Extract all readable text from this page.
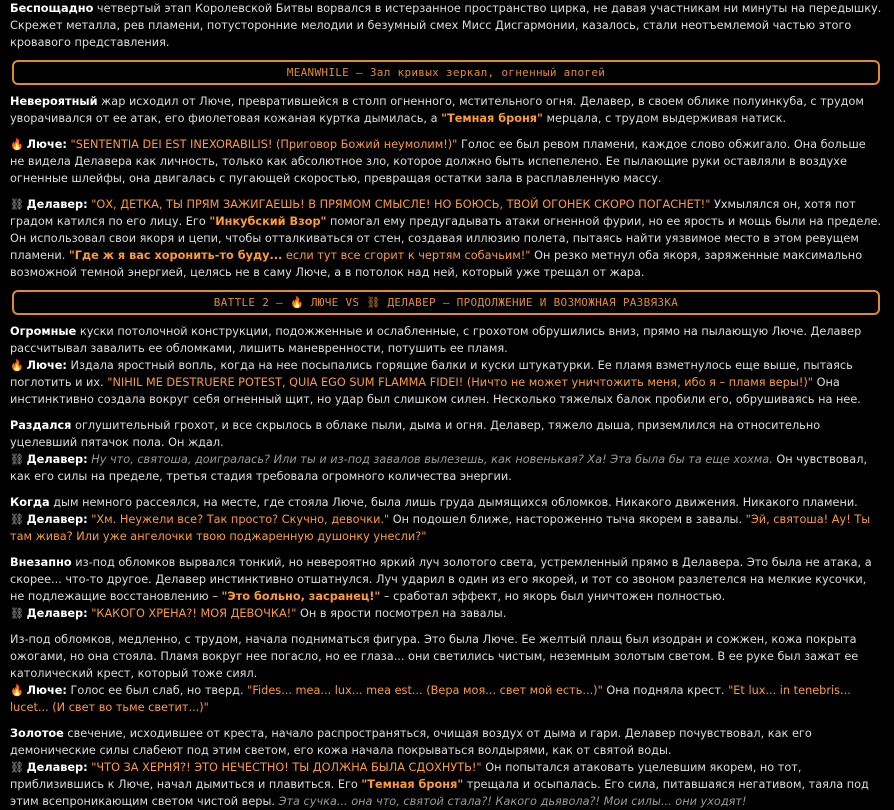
Беспощадно четвертый этап Королевской Битвы ворвался в истерзанное пространство цирка, не давая участникам ни минуты на передышку. Скрежет металла, рев пламени, потусторонние мелодии и безумный смех Мисс Дисгармонии, казалось, стали неотъемлемой частью этого кровавого представления.

MEANWHILE – Зал кривых зеркал, огненный апогей

Невероятный жар исходил от Люче, превратившейся в столп огненного, мстительного огня. Делавер, в своем облике полуинкуба, с трудом уворачивался от ее атак, его фиолетовая кожаная куртка дымилась, а "Темная броня" мерцала, с трудом выдерживая натиск.

🔥 Люче: "SENTENTIA DEI EST INEXORABILIS! (Приговор Божий неумолим!)" Голос ее был ревом пламени, каждое слово обжигало. Она больше не видела Делавера как личность, только как абсолютное зло, которое должно быть испепелено. Ее пылающие руки оставляли в воздухе огненные шлейфы, она двигалась с пугающей скоростью, превращая остатки зала в расплавленную массу.

⛓ Делавер: "ОХ, ДЕТКА, ТЫ ПРЯМ ЗАЖИГАЕШЬ! В ПРЯМОМ СМЫСЛЕ! НО БОЮСЬ, ТВОЙ ОГОНЕК СКОРО ПОГАСНЕТ!" Ухмылялся он, хотя пот градом катился по его лицу. Его "Инкубский Взор" помогал ему предугадывать атаки огненной фурии, но ее ярость и мощь были на пределе. Он использовал свои якоря и цепи, чтобы отталкиваться от стен, создавая иллюзию полета, пытаясь найти уязвимое место в этом ревущем пламени. "Где ж я вас хоронить-то буду... если тут все сгорит к чертям собачьим!" Он резко метнул оба якоря, заряженные максимально возможной темной энергией, целясь не в саму Люче, а в потолок над ней, который уже трещал от жара.

BATTLE 2 – 🔥 ЛЮЧЕ VS ⛓ ДЕЛАВЕР – ПРОДОЛЖЕНИЕ И ВОЗМОЖНАЯ РАЗВЯЗКА

Огромные куски потолочной конструкции, подожженные и ослабленные, с грохотом обрушились вниз, прямо на пылающую Люче. Делавер рассчитывал завалить ее обломками, лишить маневренности, потушить ее пламя.

🔥 Люче: Издала яростный вопль, когда на нее посыпались горящие балки и куски штукатурки. Ее пламя взметнулось еще выше, пытаясь поглотить и их. "NIHIL ME DESTRUERE POTEST, QUIA EGO SUM FLAMMA FIDEI! (Ничто не может уничтожить меня, ибо я – пламя веры!)" Она инстинктивно создала вокруг себя огненный щит, но удар был слишком силен. Несколько тяжелых балок пробили его, обрушиваясь на нее.

Раздался оглушительный грохот, и все скрылось в облаке пыли, дыма и огня. Делавер, тяжело дыша, приземлился на относительно уцелевший пятачок пола. Он ждал.

⛓ Делавер: Ну что, святоша, доигралась? Или ты и из-под завалов вылезешь, как новенькая? Ха! Эта была бы та еще хохма. Он чувствовал, как его силы на пределе, третья стадия требовала огромного количества энергии.

Когда дым немного рассеялся, на месте, где стояла Люче, была лишь груда дымящихся обломков. Никакого движения. Никакого пламени.

⛓ Делавер: "Хм. Неужели все? Так просто? Скучно, девочки." Он подошел ближе, настороженно тыча якорем в завалы. "Эй, святоша! Ау! Ты там жива? Или уже ангелочки твою поджаренную душонку унесли?"

Внезапно из-под обломков вырвался тонкий, но невероятно яркий луч золотого света, устремленный прямо в Делавера. Это была не атака, а скорее... что-то другое. Делавер инстинктивно отшатнулся. Луч ударил в один из его якорей, и тот со звоном разлетелся на мелкие кусочки, не подлежащие восстановлению – "Это больно, засранец!" – сработал эффект, но якорь был уничтожен полностью.

⛓ Делавер: "КАКОГО ХРЕНА?! МОЯ ДЕВОЧКА!" Он в ярости посмотрел на завалы.

Из-под обломков, медленно, с трудом, начала подниматься фигура. Это была Люче. Ее желтый плащ был изодран и сожжен, кожа покрыта ожогами, но она стояла. Пламя вокруг нее погасло, но ее глаза... они светились чистым, неземным золотым светом. В ее руке был зажат ее католический крест, который тоже сиял.

🔥 Люче: Голос ее был слаб, но тверд. "Fides... mea... lux... mea est... (Вера моя... свет мой есть...)" Она подняла крест. "Et lux... in tenebris... lucet... (И свет во тьме светит...)"

Золотое свечение, исходившее от креста, начало распространяться, очищая воздух от дыма и гари. Делавер почувствовал, как его демонические силы слабеют под этим светом, его кожа начала покрываться волдырями, как от святой воды.

⛓ Делавер: "ЧТО ЗА ХЕРНЯ?! ЭТО НЕЧЕСТНО! ТЫ ДОЛЖНА БЫЛА СДОХНУТЬ!" Он попытался атаковать уцелевшим якорем, но тот, приблизившись к Люче, начал дымиться и плавиться. Его "Темная броня" трещала и осыпалась. Его сила, питавшаяся негативом, таяла под этим всепроникающим светом чистой веры. Эта сучка... она что, святой стала?! Какого дьявола?! Мои силы... они уходят!
